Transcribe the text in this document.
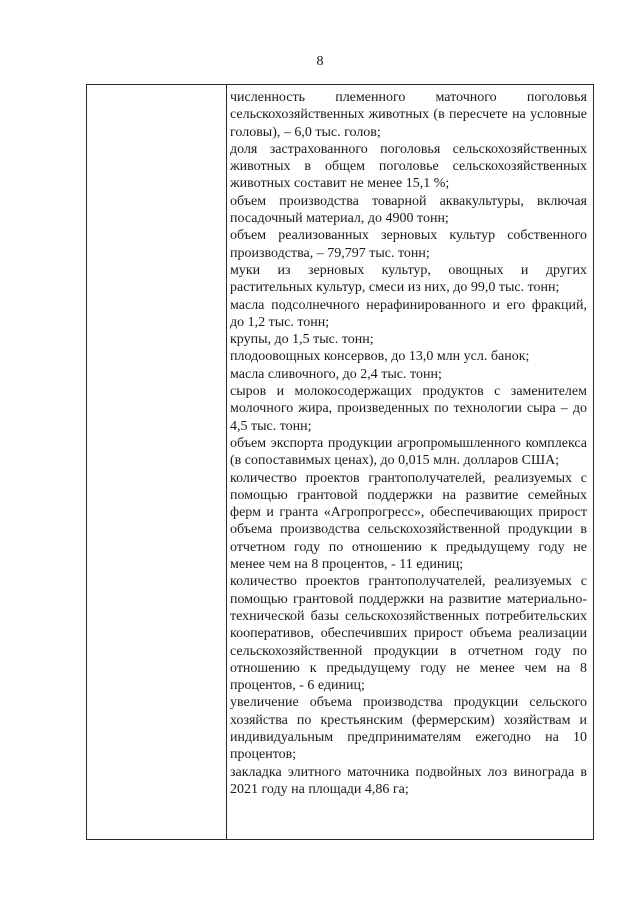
8

численность племенного маточного поголовья сельскохозяйственных животных (в пересчете на условные головы), – 6,0 тыс. голов;

доля застрахованного поголовья сельскохозяйственных животных в общем поголовье сельскохозяйственных животных составит не менее 15,1 %;

объем производства товарной аквакультуры, включая посадочный материал, до 4900 тонн;

объем реализованных зерновых культур собственного производства, – 79,797 тыс. тонн;

муки из зерновых культур, овощных и других растительных культур, смеси из них, до 99,0 тыс. тонн;

масла подсолнечного нерафинированного и его фракций, до 1,2 тыс. тонн;

крупы, до 1,5 тыс. тонн;

плодоовощных консервов, до 13,0 млн усл. банок;

масла сливочного, до 2,4 тыс. тонн;

сыров и молокосодержащих продуктов с заменителем молочного жира, произведенных по технологии сыра – до 4,5 тыс. тонн;

объем экспорта продукции агропромышленного комплекса (в сопоставимых ценах), до 0,015 млн. долларов США;

количество проектов грантополучателей, реализуемых с помощью грантовой поддержки на развитие семейных ферм и гранта «Агропрогресс», обеспечивающих прирост объема производства сельскохозяйственной продукции в отчетном году по отношению к предыдущему году не менее чем на 8 процентов, - 11 единиц;

количество проектов грантополучателей, реализуемых с помощью грантовой поддержки на развитие материально-технической базы сельскохозяйственных потребительских кооперативов, обеспечивших прирост объема реализации сельскохозяйственной продукции в отчетном году по отношению к предыдущему году не менее чем на 8 процентов, - 6 единиц;

увеличение объема производства продукции сельского хозяйства по крестьянским (фермерским) хозяйствам и индивидуальным предпринимателям ежегодно на 10 процентов;

закладка элитного маточника подвойных лоз винограда в 2021 году на площади 4,86 га;
